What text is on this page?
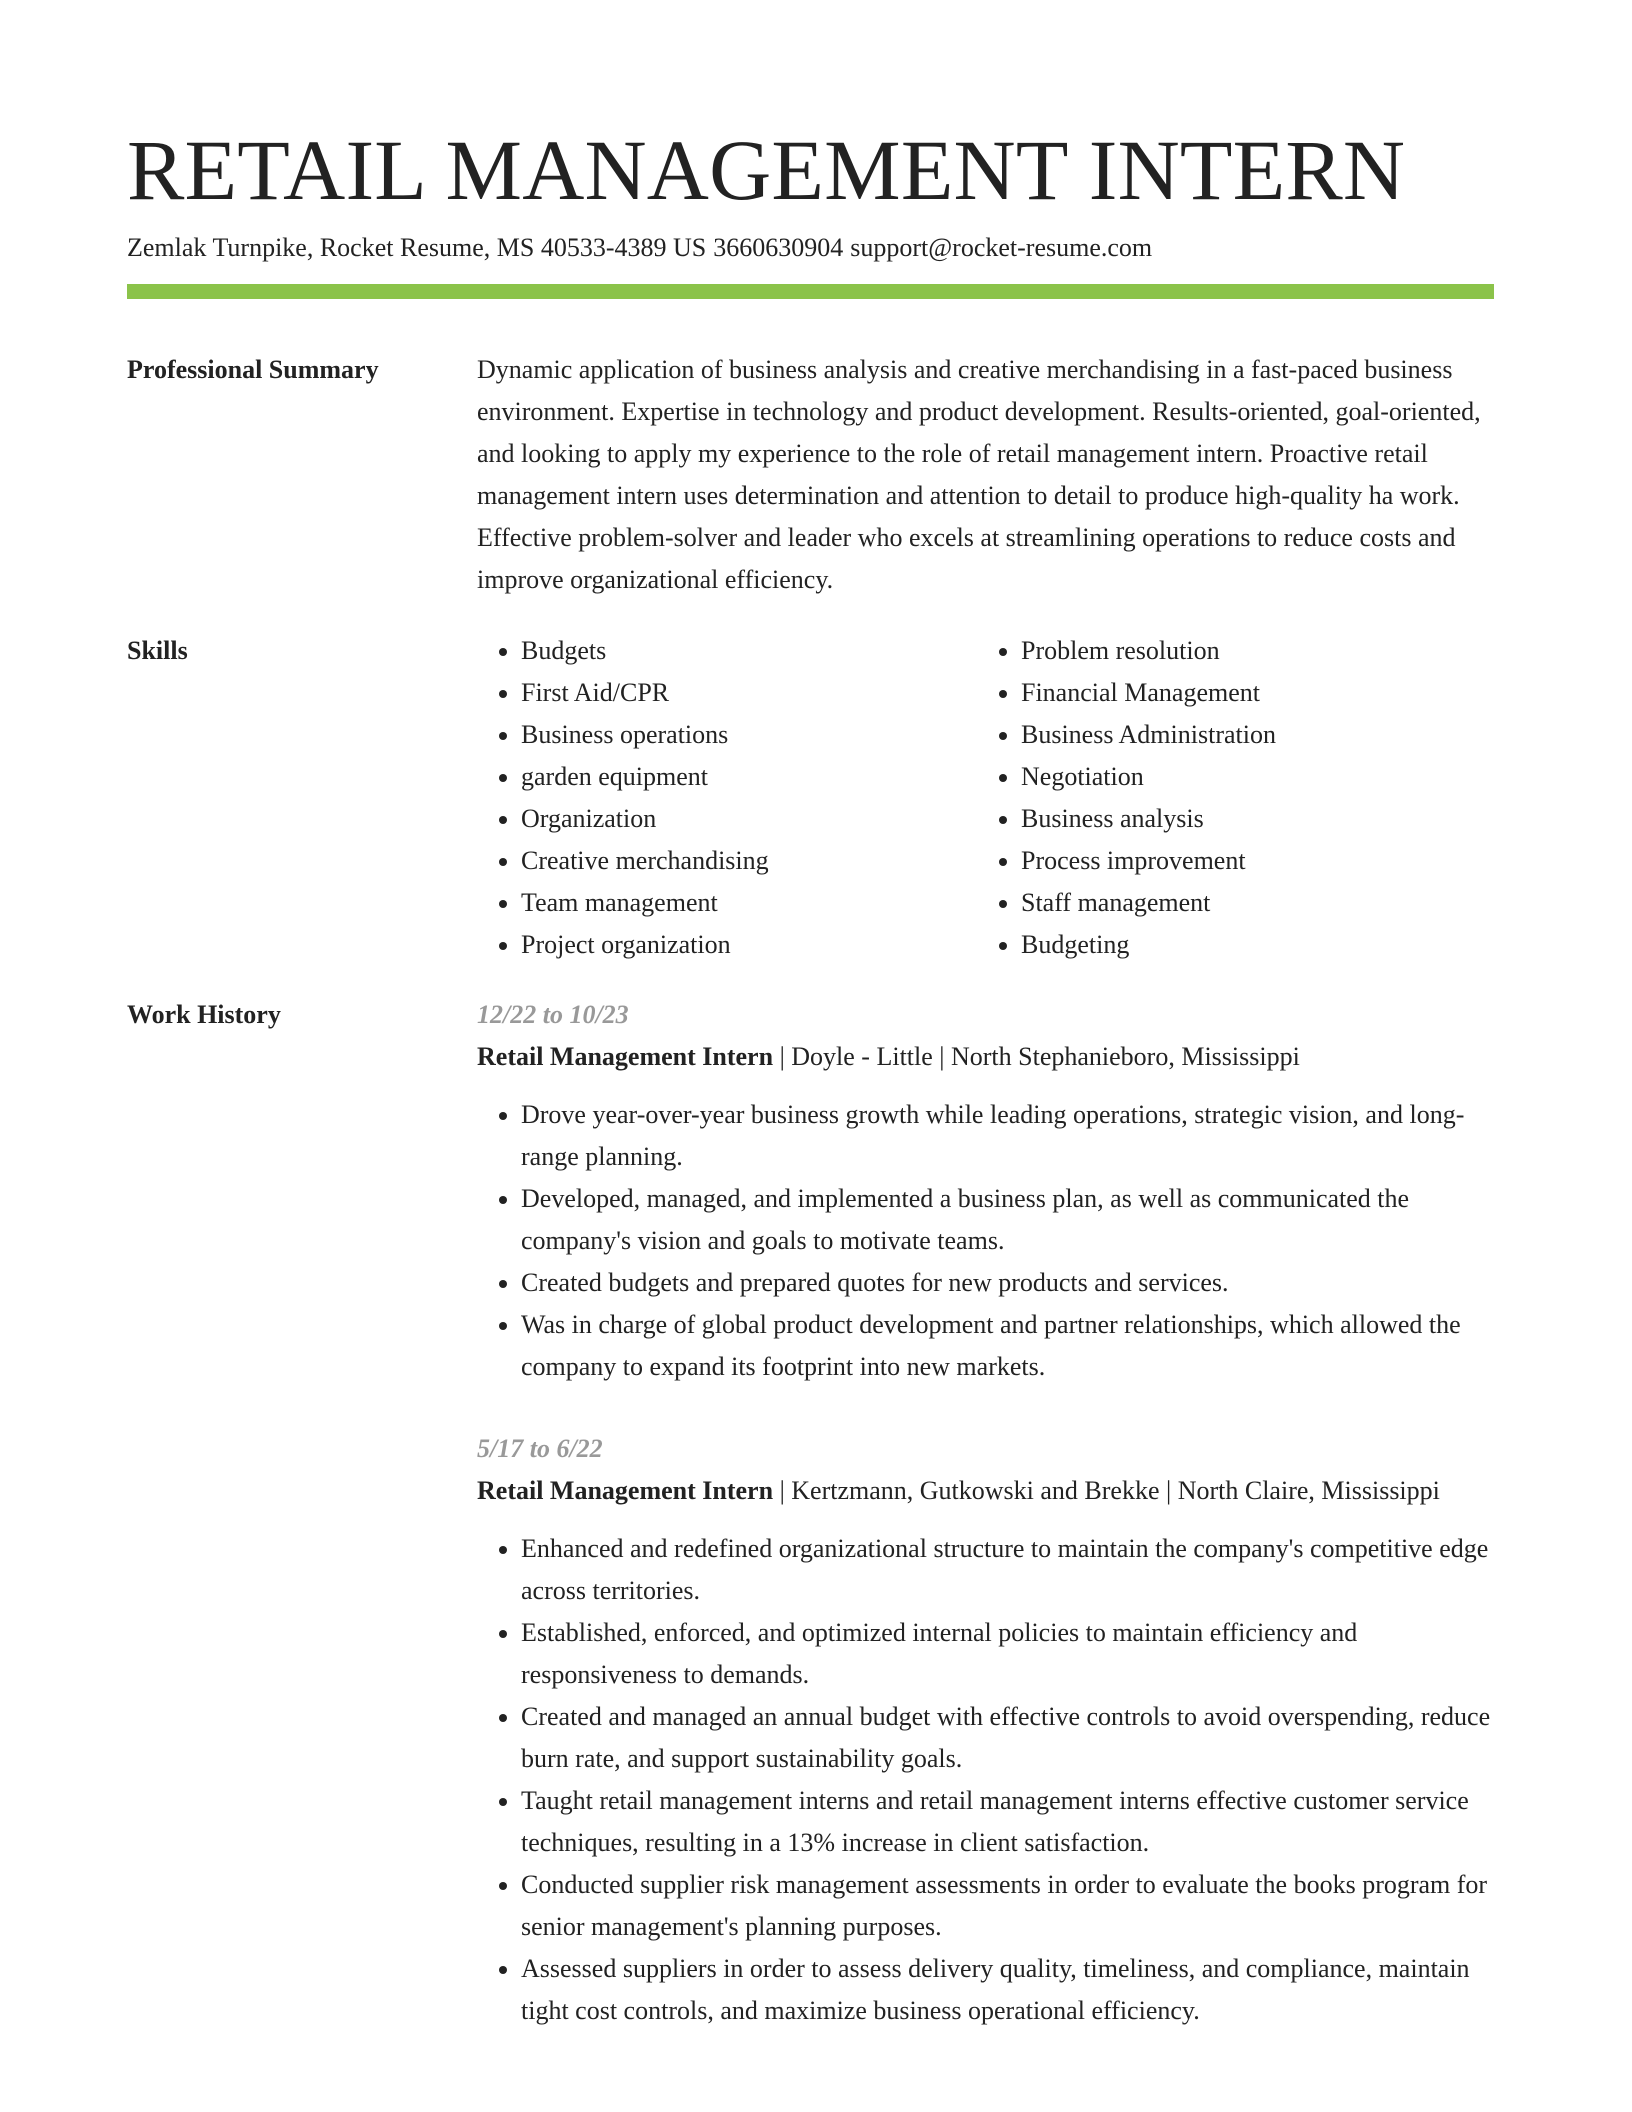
RETAIL MANAGEMENT INTERN
Zemlak Turnpike, Rocket Resume, MS 40533-4389 US 3660630904 support@rocket-resume.com
Professional Summary	Dynamic application of business analysis and creative merchandising in a fast-paced business environment. Expertise in technology and product development. Results-oriented, goal-oriented, and looking to apply my experience to the role of retail management intern. Proactive retail management intern uses determination and attention to detail to produce high-quality ha work. Effective problem-solver and leader who excels at streamlining operations to reduce costs and improve organizational efficiency.

Skills
•	Budgets
• First Aid/CPR
• Business operations
• garden equipment
• Organization
• Creative merchandising
• Team management
• Project organization
• Problem resolution
• Financial Management
• Business Administration
• Negotiation
• Business analysis
• Process improvement
• Staff management
• Budgeting
Work History	12/22 to 10/23
Retail Management Intern | Doyle - Little | North Stephanieboro, Mississippi
• Drove year-over-year business growth while leading operations, strategic vision, and long-range planning.
• Developed, managed, and implemented a business plan, as well as communicated the company's vision and goals to motivate teams.
• Created budgets and prepared quotes for new products and services.
• Was in charge of global product development and partner relationships, which allowed the company to expand its footprint into new markets.
5/17 to 6/22
Retail Management Intern | Kertzmann, Gutkowski and Brekke | North Claire, Mississippi
• Enhanced and redefined organizational structure to maintain the company's competitive edge across territories.
• Established, enforced, and optimized internal policies to maintain efficiency and responsiveness to demands.
• Created and managed an annual budget with effective controls to avoid overspending, reduce burn rate, and support sustainability goals.
• Taught retail management interns and retail management interns effective customer service techniques, resulting in a 13% increase in client satisfaction.
• Conducted supplier risk management assessments in order to evaluate the books program for senior management's planning purposes.
• Assessed suppliers in order to assess delivery quality, timeliness, and compliance, maintain tight cost controls, and maximize business operational efficiency.
